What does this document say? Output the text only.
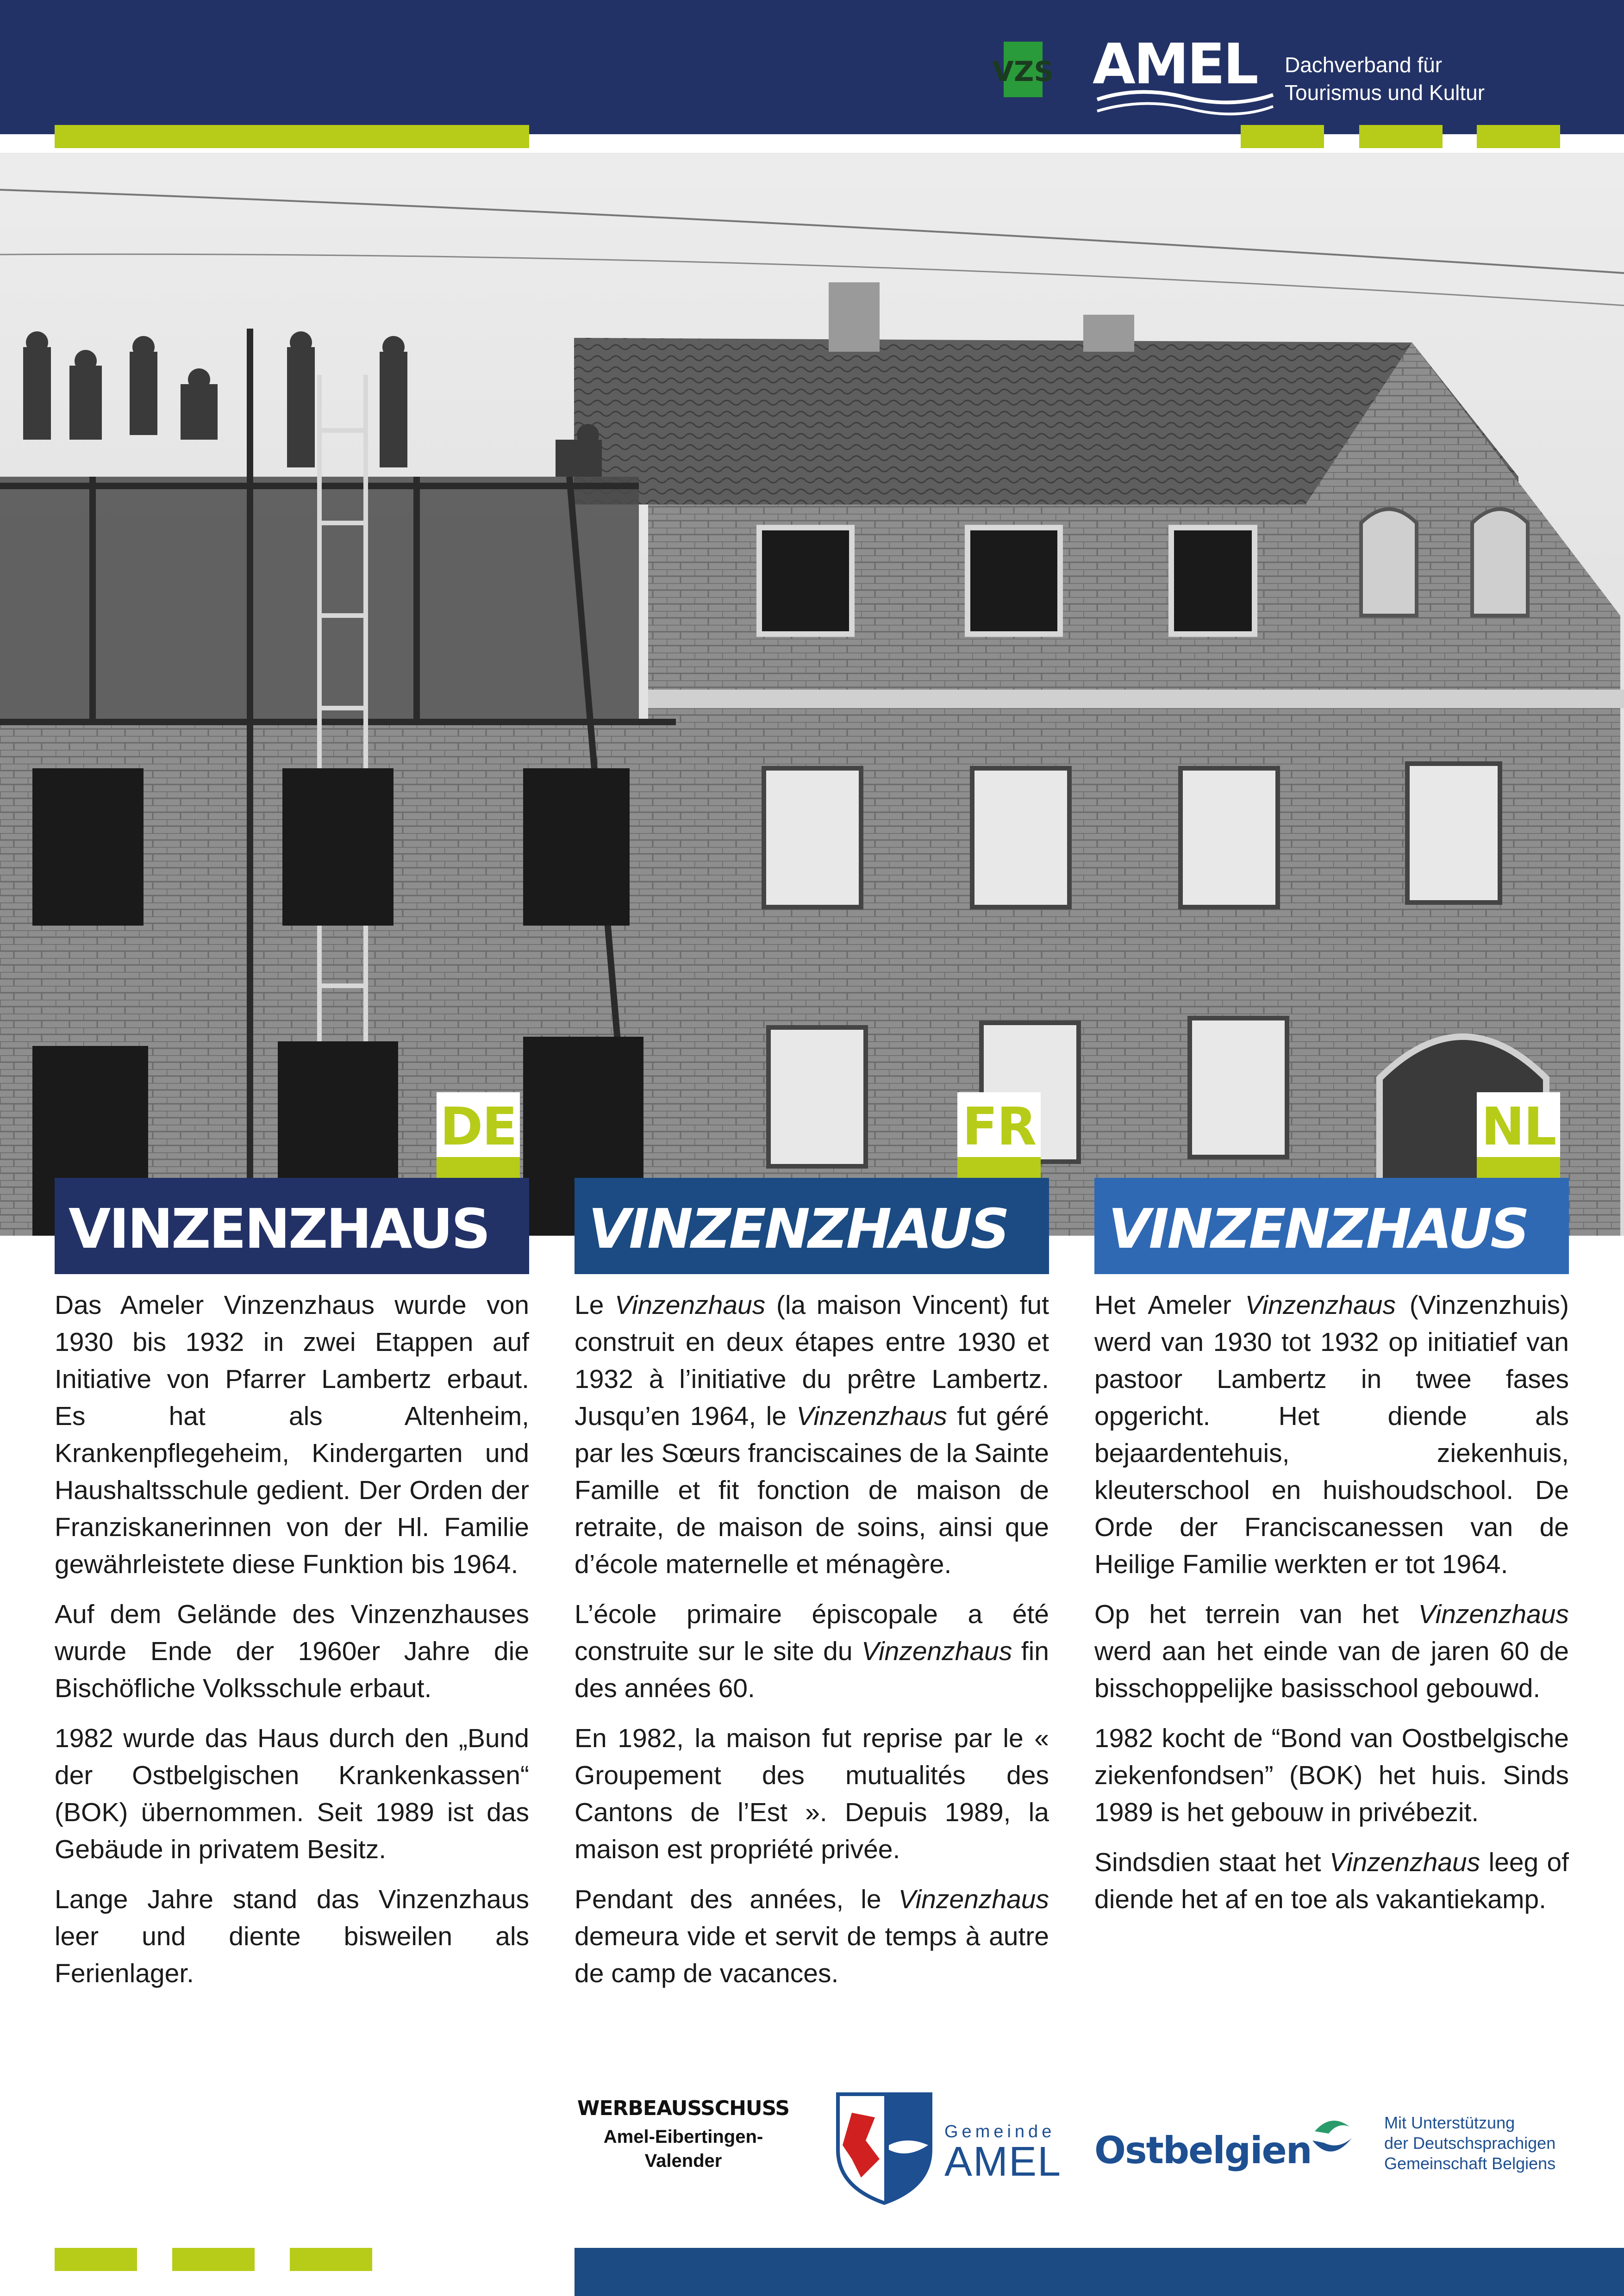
VZS AMEL	Dachverband für
Tourismus und Kultur
DE	FR	NL
VINZENZHAUS VINZENZHAUS VINZENZHAUS

Das Ameler Vinzenzhaus wurde von 1930 bis 1932 in zwei Etappen auf Initiative von Pfarrer Lambertz erbaut. Es hat als Altenheim, Krankenpflegeheim, Kindergarten und Haushaltsschule gedient. Der Orden der Franziskanerinnen von der Hl. Familie gewährleistete diese Funktion bis 1964.

Auf dem Gelände des Vinzenzhauses wurde Ende der 1960er Jahre die Bischöfliche Volksschule erbaut.

1982 wurde das Haus durch den „Bund der Ostbelgischen Krankenkassen“ (BOK) übernommen. Seit 1989 ist das Gebäude in privatem Besitz.

Lange Jahre stand das Vinzenzhaus leer und diente bisweilen als Ferienlager.

Le Vinzenzhaus (la maison Vincent) fut construit en deux étapes entre 1930 et 1932 à l’initiative du prêtre Lambertz. Jusqu’en 1964, le Vinzenzhaus fut géré par les Sœurs franciscaines de la Sainte Famille et fit fonction de maison de retraite, de maison de soins, ainsi que d’école maternelle et ménagère.

L’école primaire épiscopale a été construite sur le site du Vinzenzhaus fin des années 60.

En 1982, la maison fut reprise par le « Groupement des mutualités des Cantons de l’Est ». Depuis 1989, la maison est propriété privée.

Pendant des années, le Vinzenzhaus demeura vide et servit de temps à autre de camp de vacances.

Het Ameler Vinzenzhaus (Vinzenzhuis) werd van 1930 tot 1932 op initiatief van pastoor Lambertz in twee fases opgericht. Het diende als bejaardentehuis, ziekenhuis, kleuterschool en huishoudschool. De Orde der Franciscanessen van de Heilige Familie werkten er tot 1964.

Op het terrein van het Vinzenzhaus werd aan het einde van de jaren 60 de bisschoppelijke basisschool gebouwd.

1982 kocht de “Bond van Oostbelgische ziekenfondsen” (BOK) het huis. Sinds 1989 is het gebouw in privébezit.

Sindsdien staat het Vinzenzhaus leeg of diende het af en toe als vakantiekamp.

WERBEAUSSCHUSS
Amel-Eibertingen-
Valender
Gemeinde
AMEL Ostbelgien
Mit Unterstützung
der Deutschsprachigen
Gemeinschaft Belgiens
